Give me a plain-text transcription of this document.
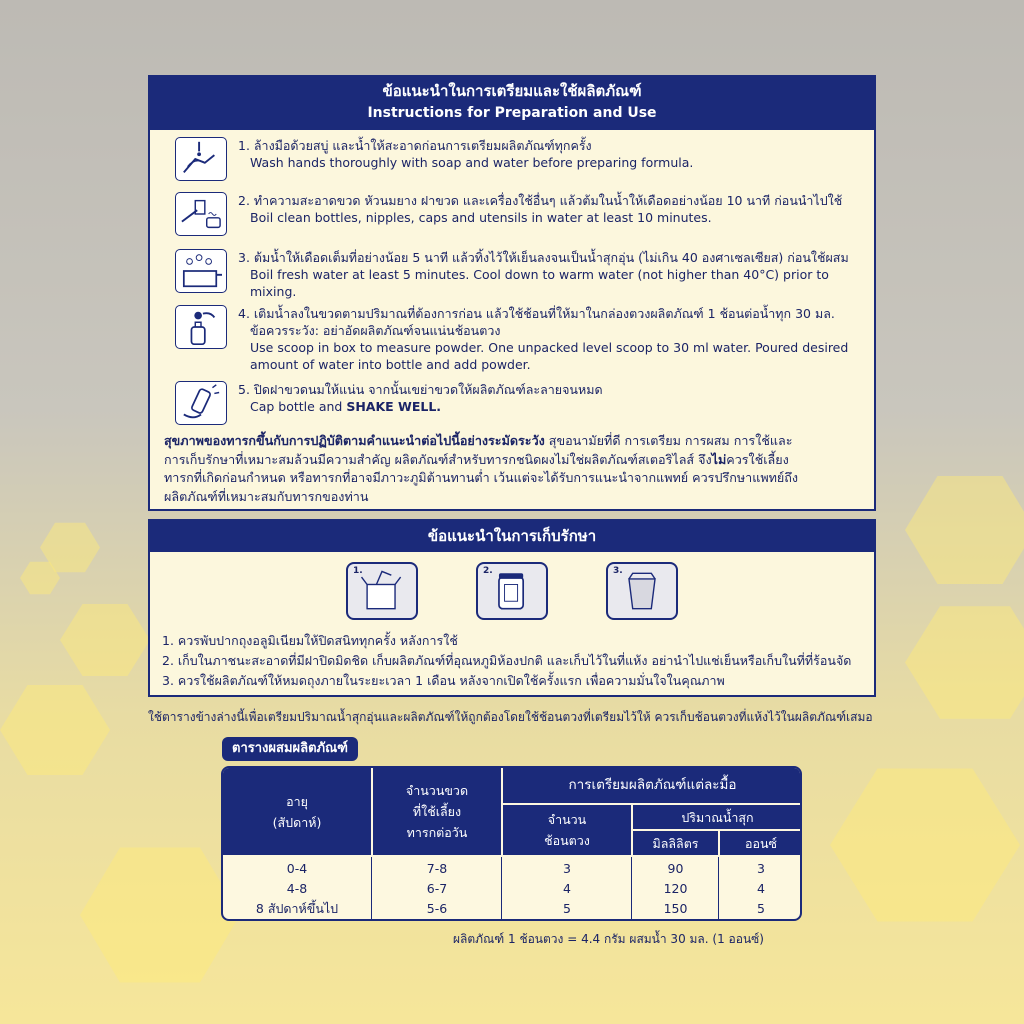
ข้อแนะนำในการเตรียมและใช้ผลิตภัณฑ์
Instructions for Preparation and Use
1. ล้างมือด้วยสบู่ และน้ำให้สะอาดก่อนการเตรียมผลิตภัณฑ์ทุกครั้ง
Wash hands thoroughly with soap and water before preparing formula.
2. ทำความสะอาดขวด หัวนมยาง ฝาขวด และเครื่องใช้อื่นๆ แล้วต้มในน้ำให้เดือดอย่างน้อย 10 นาที ก่อนนำไปใช้
Boil clean bottles, nipples, caps and utensils in water at least 10 minutes.
3. ต้มน้ำให้เดือดเต็มที่อย่างน้อย 5 นาที แล้วทิ้งไว้ให้เย็นลงจนเป็นน้ำสุกอุ่น (ไม่เกิน 40 องศาเซลเซียส) ก่อนใช้ผสม
Boil fresh water at least 5 minutes. Cool down to warm water (not higher than 40°C) prior to mixing.
4. เติมน้ำลงในขวดตามปริมาณที่ต้องการก่อน แล้วใช้ช้อนที่ให้มาในกล่องตวงผลิตภัณฑ์ 1 ช้อนต่อน้ำทุก 30 มล.
ข้อควรระวัง: อย่าอัดผลิตภัณฑ์จนแน่นช้อนตวง
Use scoop in box to measure powder. One unpacked level scoop to 30 ml water. Poured desired
amount of water into bottle and add powder.
5. ปิดฝาขวดนมให้แน่น จากนั้นเขย่าขวดให้ผลิตภัณฑ์ละลายจนหมด
Cap bottle and SHAKE WELL.
สุขภาพของทารกขึ้นกับการปฏิบัติตามคำแนะนำต่อไปนี้อย่างระมัดระวัง สุขอนามัยที่ดี การเตรียม การผสม การใช้และ
การเก็บรักษาที่เหมาะสมล้วนมีความสำคัญ ผลิตภัณฑ์สำหรับทารกชนิดผงไม่ใช่ผลิตภัณฑ์สเตอริไลส์ จึงไม่ควรใช้เลี้ยง
ทารกที่เกิดก่อนกำหนด หรือทารกที่อาจมีภาวะภูมิต้านทานต่ำ เว้นแต่จะได้รับการแนะนำจากแพทย์ ควรปรึกษาแพทย์ถึง
ผลิตภัณฑ์ที่เหมาะสมกับทารกของท่าน
ข้อแนะนำในการเก็บรักษา
1.	2.	3.
1. ควรพับปากถุงอลูมิเนียมให้ปิดสนิททุกครั้ง หลังการใช้
2. เก็บในภาชนะสะอาดที่มีฝาปิดมิดชิด เก็บผลิตภัณฑ์ที่อุณหภูมิห้องปกติ และเก็บไว้ในที่แห้ง อย่านำไปแช่เย็นหรือเก็บในที่ที่ร้อนจัด
3. ควรใช้ผลิตภัณฑ์ให้หมดถุงภายในระยะเวลา 1 เดือน หลังจากเปิดใช้ครั้งแรก เพื่อความมั่นใจในคุณภาพ
ใช้ตารางข้างล่างนี้เพื่อเตรียมปริมาณน้ำสุกอุ่นและผลิตภัณฑ์ให้ถูกต้องโดยใช้ช้อนตวงที่เตรียมไว้ให้ ควรเก็บช้อนตวงที่แห้งไว้ในผลิตภัณฑ์เสมอ
ตารางผสมผลิตภัณฑ์
อายุ
(สัปดาห์)
จำนวนขวด
ที่ใช้เลี้ยง
ทารกต่อวัน
การเตรียมผลิตภัณฑ์แต่ละมื้อ
จำนวน
ช้อนตวง
ปริมาณน้ำสุก
มิลลิลิตร	ออนซ์
0-4	7-8	3	90	3
4-8	6-7	4	120	4
8 สัปดาห์ขึ้นไป	5-6	5	150	5
ผลิตภัณฑ์ 1 ช้อนตวง = 4.4 กรัม ผสมน้ำ 30 มล. (1 ออนซ์)
